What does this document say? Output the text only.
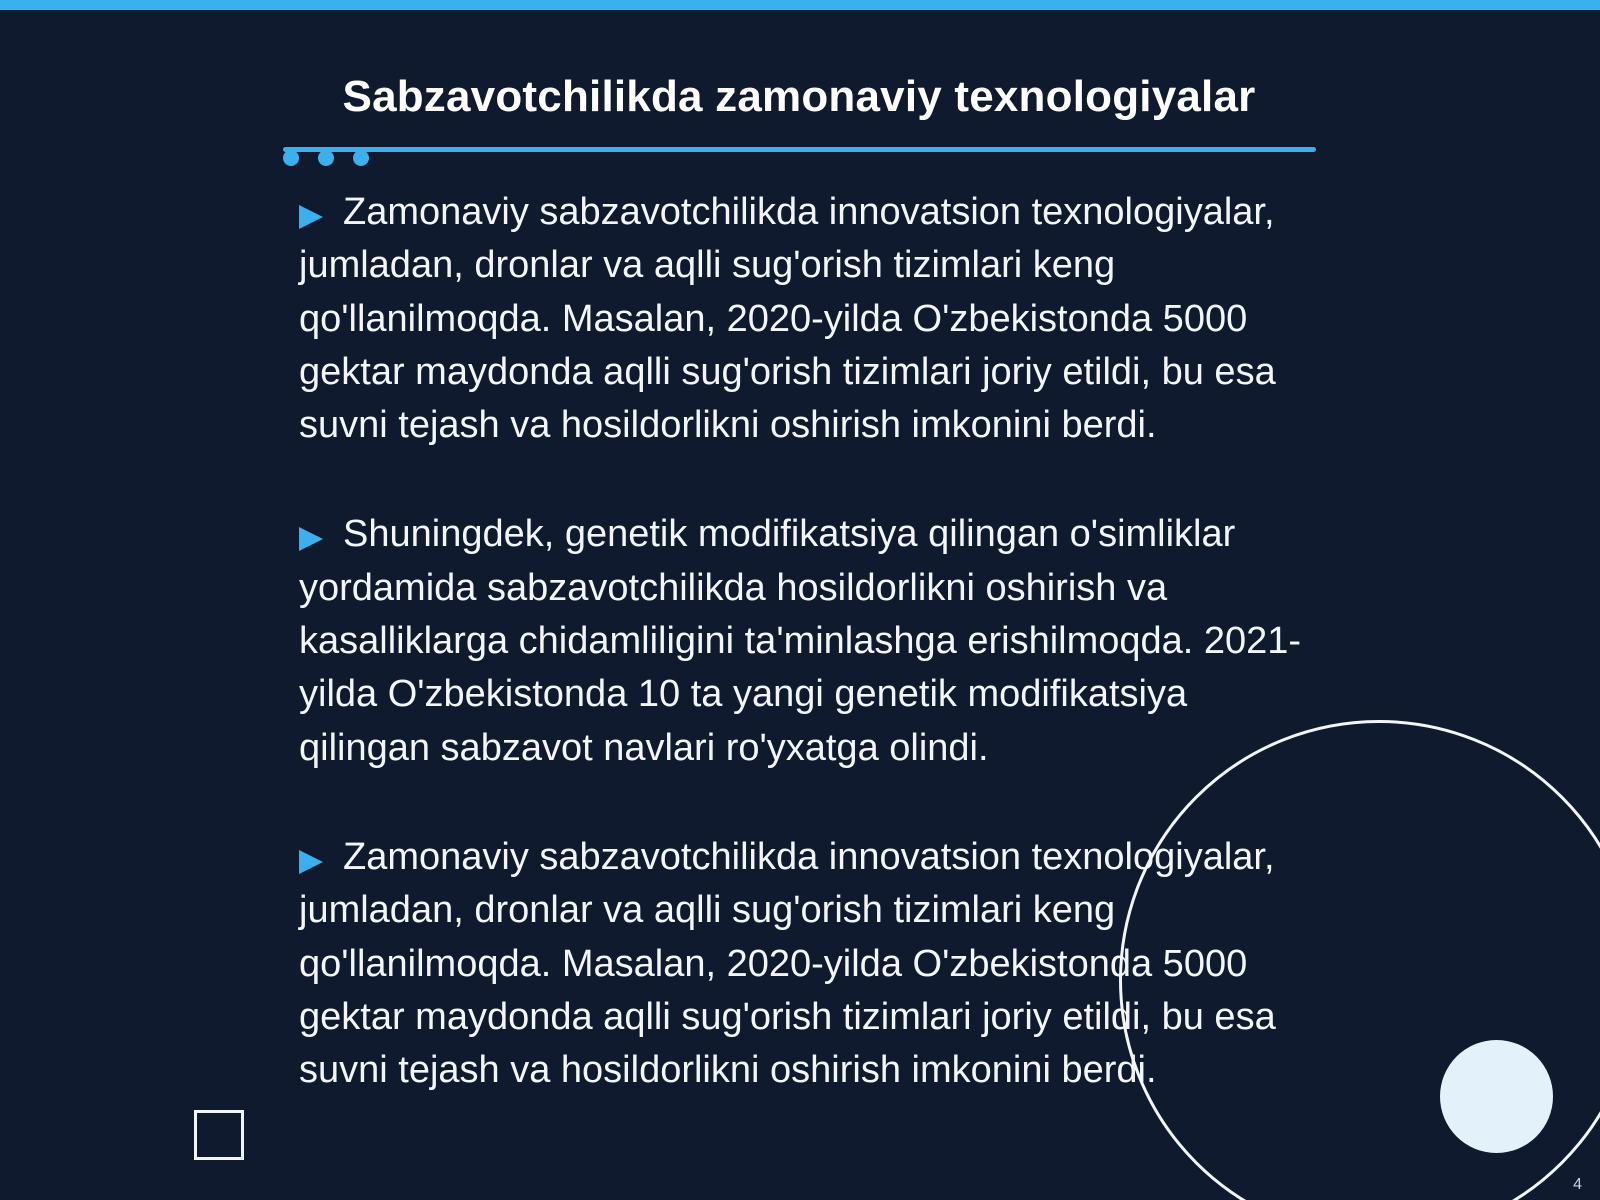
Sabzavotchilikda zamonaviy texnologiyalar

Zamonaviy sabzavotchilikda innovatsion texnologiyalar, jumladan, dronlar va aqlli sug'orish tizimlari keng qo'llanilmoqda. Masalan, 2020-yilda O'zbekistonda 5000 gektar maydonda aqlli sug'orish tizimlari joriy etildi, bu esa suvni tejash va hosildorlikni oshirish imkonini berdi.

Shuningdek, genetik modifikatsiya qilingan o'simliklar yordamida sabzavotchilikda hosildorlikni oshirish va kasalliklarga chidamliligini ta'minlashga erishilmoqda. 2021-yilda O'zbekistonda 10 ta yangi genetik modifikatsiya qilingan sabzavot navlari ro'yxatga olindi.

Zamonaviy sabzavotchilikda innovatsion texnologiyalar, jumladan, dronlar va aqlli sug'orish tizimlari keng qo'llanilmoqda. Masalan, 2020-yilda O'zbekistonda 5000 gektar maydonda aqlli sug'orish tizimlari joriy etildi, bu esa suvni tejash va hosildorlikni oshirish imkonini berdi.

4
